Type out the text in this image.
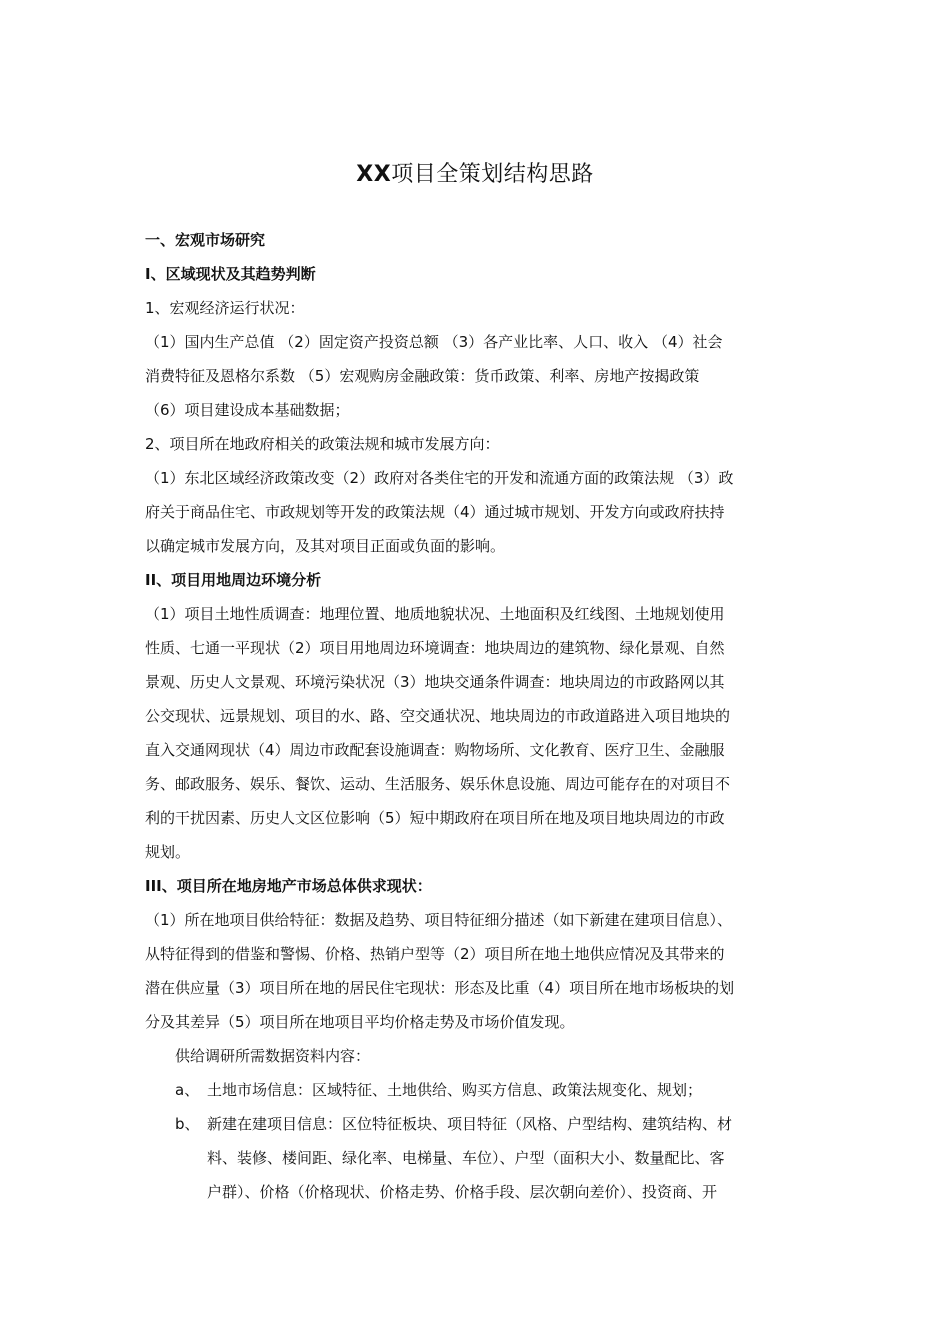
XX项目全策划结构思路
一、宏观市场研究
I、区域现状及其趋势判断
1、宏观经济运行状况：
（1）国内生产总值 （2）固定资产投资总额 （3）各产业比率、人口、收入 （4）社会
消费特征及恩格尔系数 （5）宏观购房金融政策：货币政策、利率、房地产按揭政策
（6）项目建设成本基础数据；
2、项目所在地政府相关的政策法规和城市发展方向：
（1）东北区域经济政策改变（2）政府对各类住宅的开发和流通方面的政策法规 （3）政
府关于商品住宅、市政规划等开发的政策法规（4）通过城市规划、开发方向或政府扶持
以确定城市发展方向，及其对项目正面或负面的影响。
II、项目用地周边环境分析
（1）项目土地性质调查：地理位置、地质地貌状况、土地面积及红线图、土地规划使用
性质、七通一平现状（2）项目用地周边环境调查：地块周边的建筑物、绿化景观、自然
景观、历史人文景观、环境污染状况（3）地块交通条件调查：地块周边的市政路网以其
公交现状、远景规划、项目的水、路、空交通状况、地块周边的市政道路进入项目地块的
直入交通网现状（4）周边市政配套设施调查：购物场所、文化教育、医疗卫生、金融服
务、邮政服务、娱乐、餐饮、运动、生活服务、娱乐休息设施、周边可能存在的对项目不
利的干扰因素、历史人文区位影响（5）短中期政府在项目所在地及项目地块周边的市政
规划。
III、项目所在地房地产市场总体供求现状：
（1）所在地项目供给特征：数据及趋势、项目特征细分描述（如下新建在建项目信息）、
从特征得到的借鉴和警惕、价格、热销户型等（2）项目所在地土地供应情况及其带来的
潜在供应量（3）项目所在地的居民住宅现状：形态及比重（4）项目所在地市场板块的划
分及其差异（5）项目所在地项目平均价格走势及市场价值发现。
供给调研所需数据资料内容：
a、 土地市场信息：区域特征、土地供给、购买方信息、政策法规变化、规划；
b、 新建在建项目信息：区位特征板块、项目特征（风格、户型结构、建筑结构、材
料、装修、楼间距、绿化率、电梯量、车位）、户型（面积大小、数量配比、客
户群）、价格（价格现状、价格走势、价格手段、层次朝向差价）、投资商、开
